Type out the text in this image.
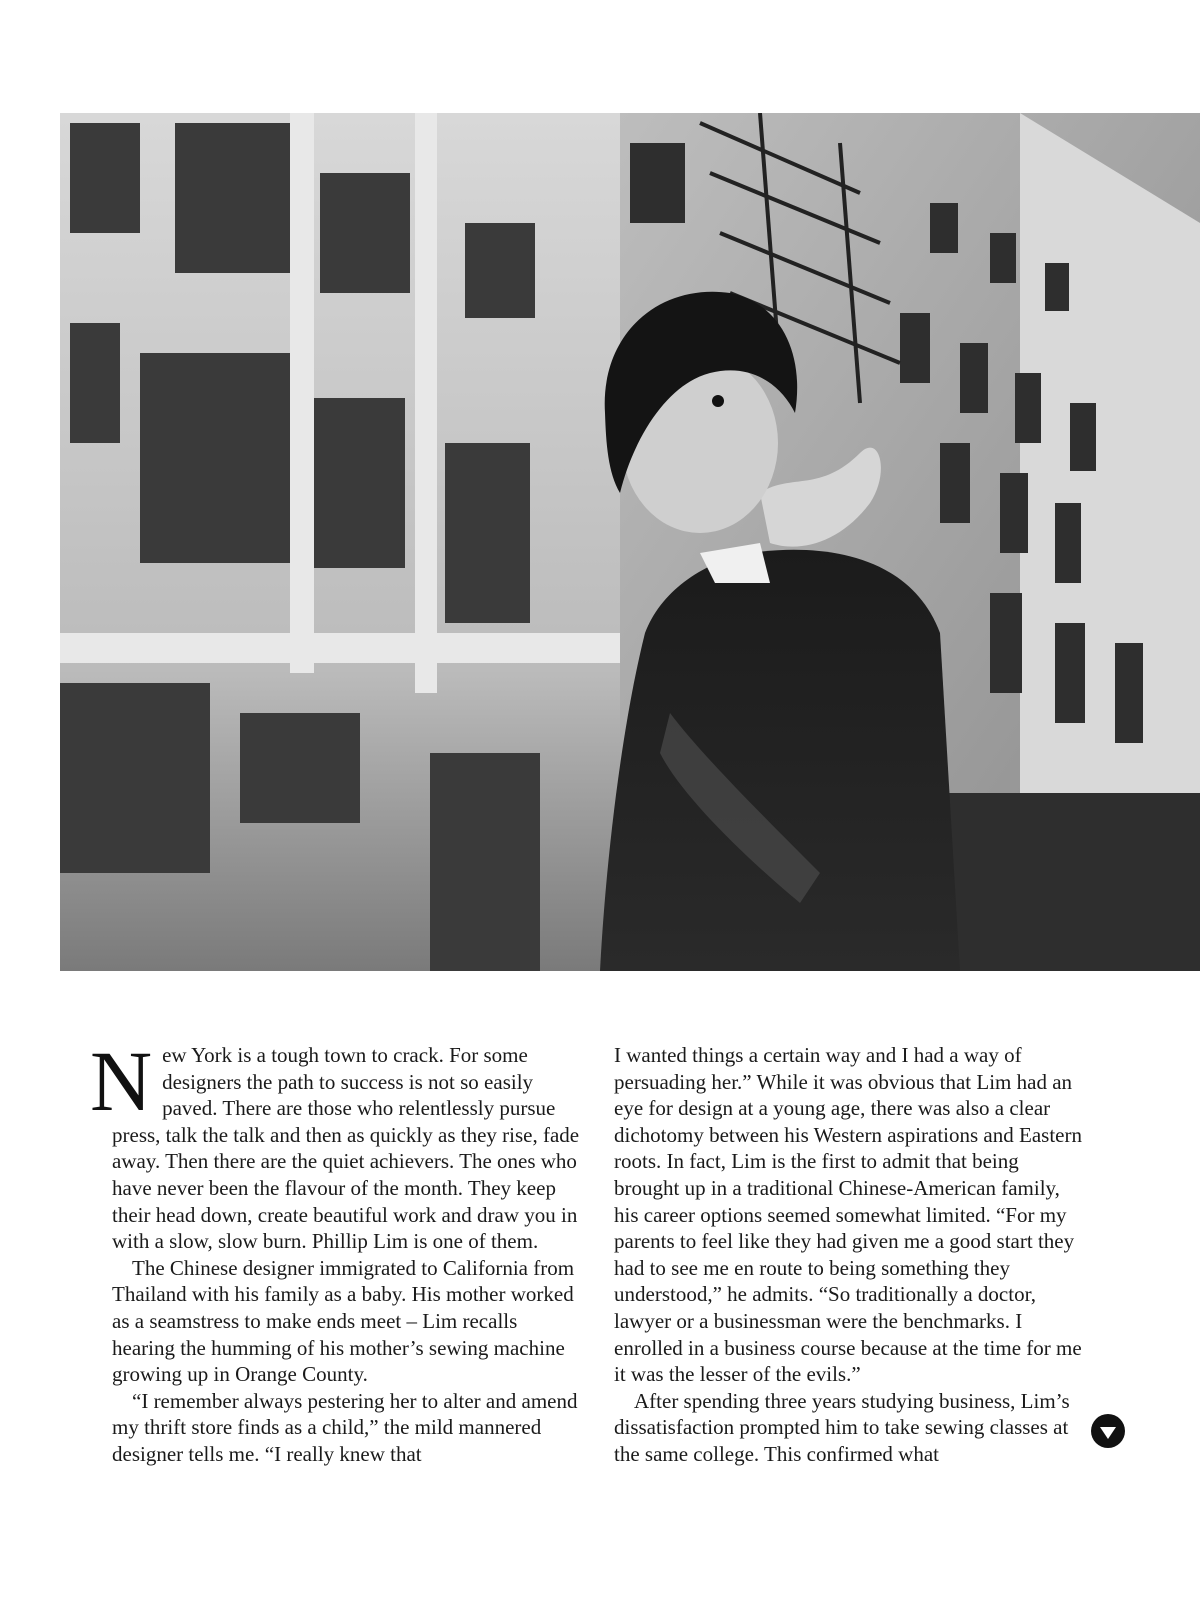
New York is a tough town to crack. For some designers the path to success is not so easily paved. There are those who relentlessly pursue press, talk the talk and then as quickly as they rise, fade away. Then there are the quiet achievers. The ones who have never been the flavour of the month. They keep their head down, create beautiful work and draw you in with a slow, slow burn. Phillip Lim is one of them.

The Chinese designer immigrated to California from Thailand with his family as a baby. His mother worked as a seamstress to make ends meet – Lim recalls hearing the humming of his mother’s sewing machine growing up in Orange County.

“I remember always pestering her to alter and amend my thrift store finds as a child,” the mild mannered designer tells me. “I really knew that

I wanted things a certain way and I had a way of persuading her.” While it was obvious that Lim had an eye for design at a young age, there was also a clear dichotomy between his Western aspirations and Eastern roots. In fact, Lim is the first to admit that being brought up in a traditional Chinese-American family, his career options seemed somewhat limited. “For my parents to feel like they had given me a good start they had to see me en route to being something they understood,” he admits. “So traditionally a doctor, lawyer or a businessman were the benchmarks. I enrolled in a business course because at the time for me it was the lesser of the evils.”

After spending three years studying business, Lim’s dissatisfaction prompted him to take sewing classes at the same college. This confirmed what
